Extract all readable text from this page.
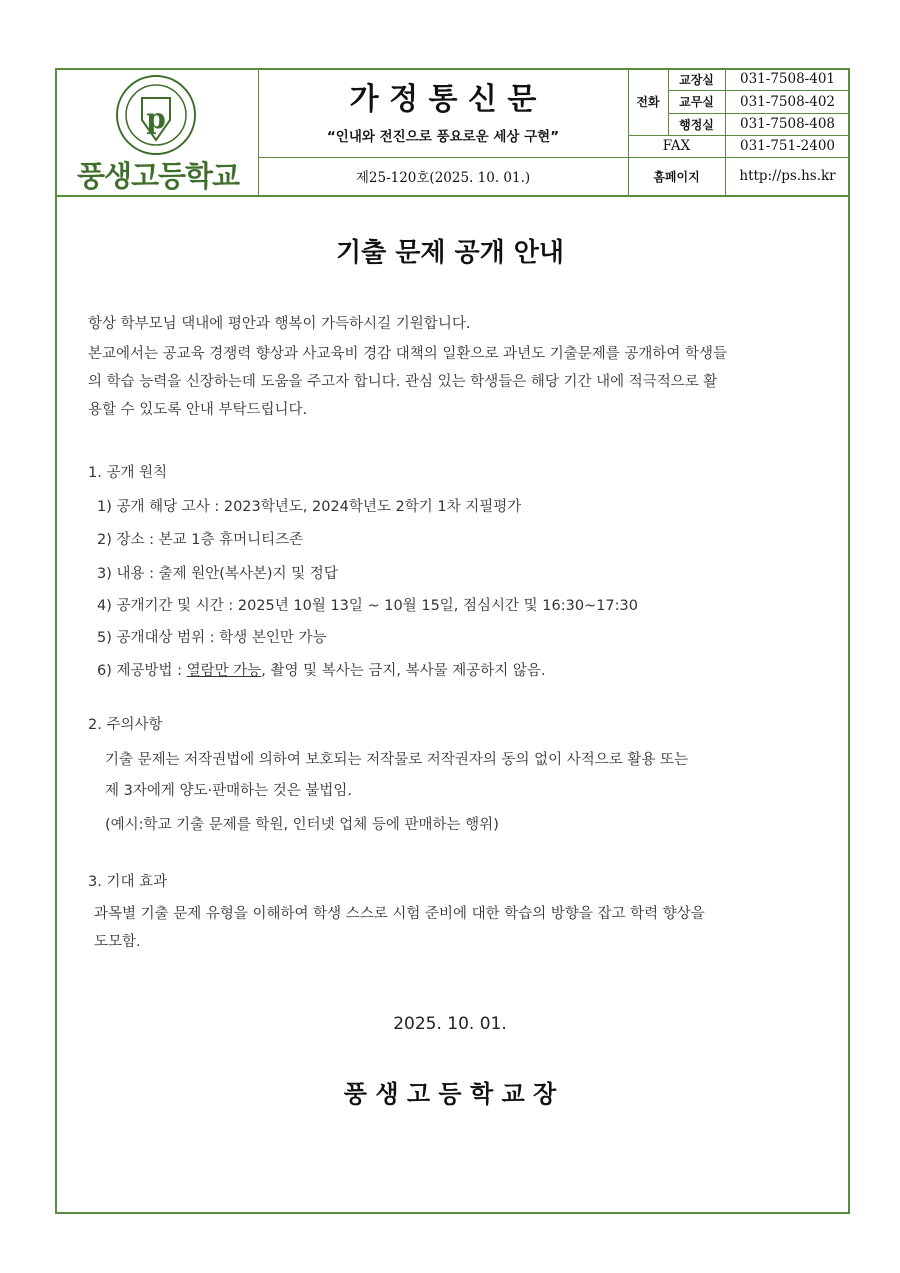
p
풍생고등학교
가 정 통 신 문
“인내와 전진으로 풍요로운 세상 구현”
제25-120호(2025. 10. 01.)
전화
교장실	031-7508-401
교무실	031-7508-402
행정실	031-7508-408
FAX	031-751-2400
홈페이지	http://ps.hs.kr
기출 문제 공개 안내
항상 학부모님 댁내에 평안과 행복이 가득하시길 기원합니다.
본교에서는 공교육 경쟁력 향상과 사교육비 경감 대책의 일환으로 과년도 기출문제를 공개하여 학생들
의 학습 능력을 신장하는데 도움을 주고자 합니다. 관심 있는 학생들은 해당 기간 내에 적극적으로 활
용할 수 있도록 안내 부탁드립니다.
1. 공개 원칙
1) 공개 해당 고사 : 2023학년도, 2024학년도 2학기 1차 지필평가
2) 장소 : 본교 1층 휴머니티즈존
3) 내용 : 출제 원안(복사본)지 및 정답
4) 공개기간 및 시간 : 2025년 10월 13일 ~ 10월 15일, 점심시간 및 16:30~17:30
5) 공개대상 범위 : 학생 본인만 가능
6) 제공방법 : 열람만 가능, 촬영 및 복사는 금지, 복사물 제공하지 않음.
2. 주의사항
기출 문제는 저작권법에 의하여 보호되는 저작물로 저작권자의 동의 없이 사적으로 활용 또는
제 3자에게 양도·판매하는 것은 불법임.
(예시:학교 기출 문제를 학원, 인터넷 업체 등에 판매하는 행위)
3. 기대 효과
과목별 기출 문제 유형을 이해하여 학생 스스로 시험 준비에 대한 학습의 방향을 잡고 학력 향상을
도모함.
2025. 10. 01.
풍 생 고 등 학 교 장
